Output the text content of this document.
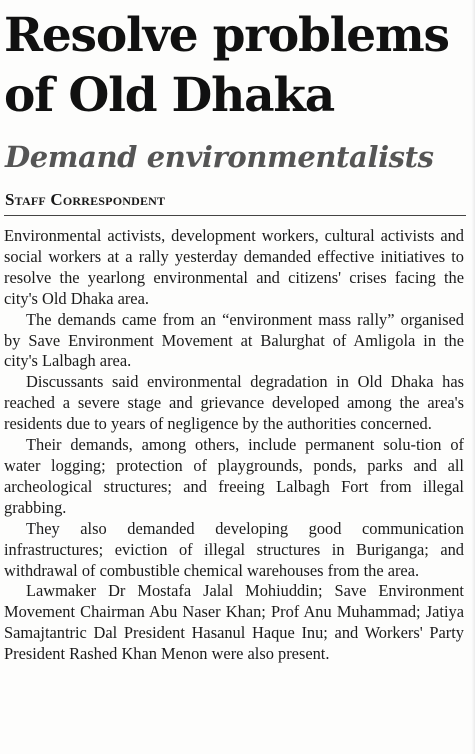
Resolve problems of Old Dhaka
Demand environmentalists
Staff Correspondent

Environmental activists, development workers, cultural activists and social workers at a rally yesterday demanded effective initiatives to resolve the yearlong environmental and citizens' crises facing the city's Old Dhaka area.

The demands came from an “environment mass rally” organised by Save Environment Movement at Balurghat of Amligola in the city's Lalbagh area.

Discussants said environmental degradation in Old Dhaka has reached a severe stage and grievance developed among the area's residents due to years of negligence by the authorities concerned.

Their demands, among others, include permanent solu-tion of water logging; protection of playgrounds, ponds, parks and all archeological structures; and freeing Lalbagh Fort from illegal grabbing.

They also demanded developing good communication infrastructures; eviction of illegal structures in Buriganga; and withdrawal of combustible chemical warehouses from the area.

Lawmaker Dr Mostafa Jalal Mohiuddin; Save Environment Movement Chairman Abu Naser Khan; Prof Anu Muhammad; Jatiya Samajtantric Dal President Hasanul Haque Inu; and Workers' Party President Rashed Khan Menon were also present.
